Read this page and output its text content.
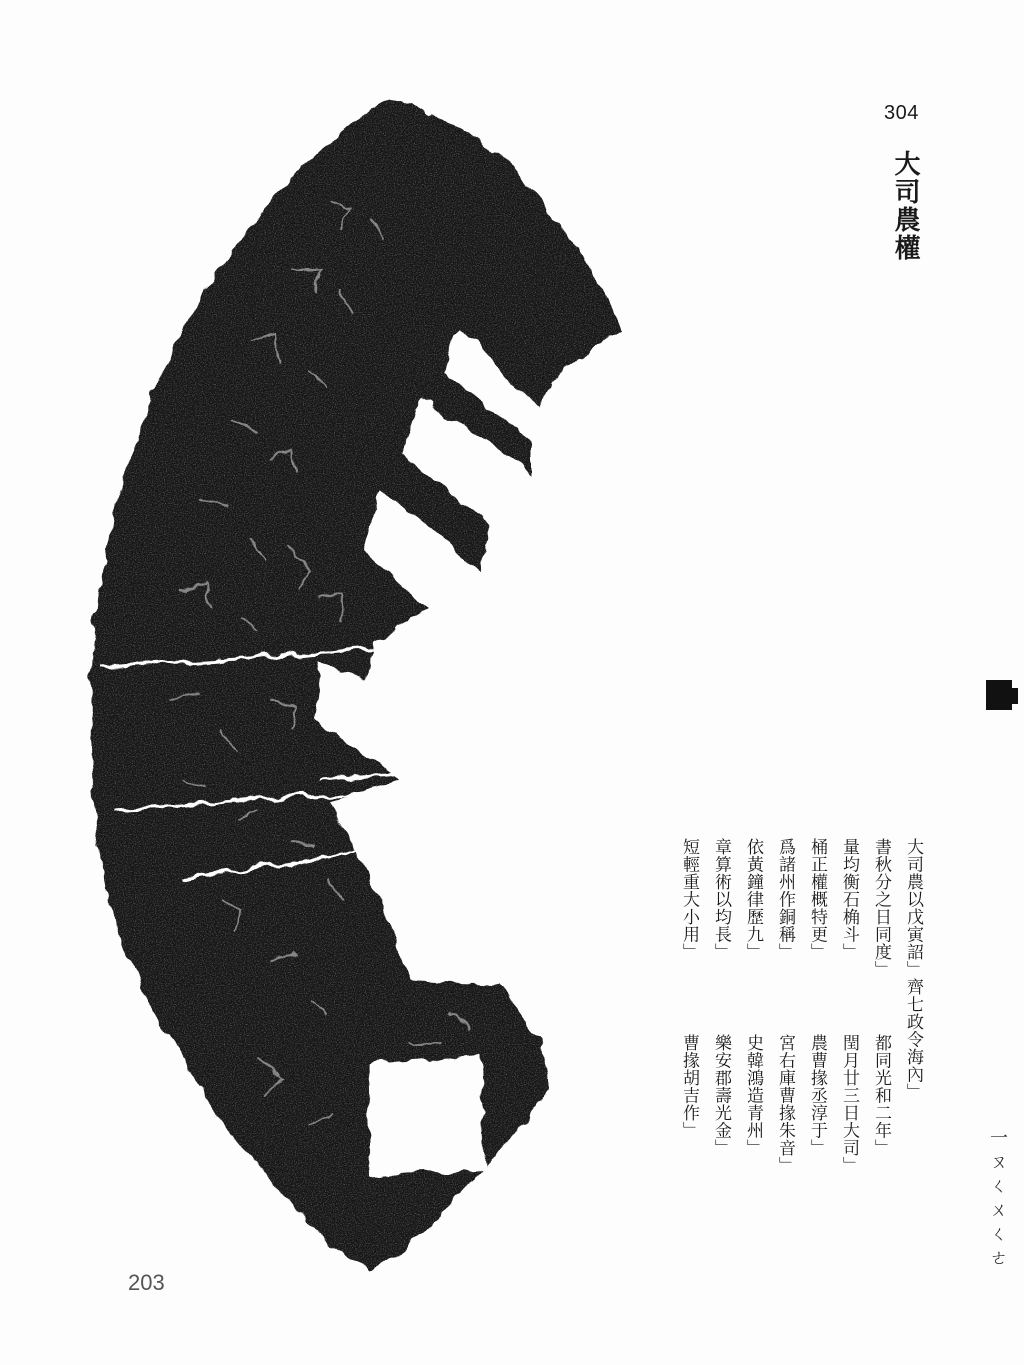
304
大司農權
大司農以戊寅詔」齊七政令海內」
都同光和二年」
閏月廿三日大司」
農曹掾丞淳于」
宮右庫曹掾朱音」
史韓鴻造青州」
樂安郡壽光金」
曹掾胡吉作」
書秋分之日同度」
量均衡石桷斗」
桶正權概特更」
爲諸州作銅稱」
依黃鐘律歷九」
章算術以均長」
短輕重大小用」
一ㄡㄑㄨㄑㄜ
203
